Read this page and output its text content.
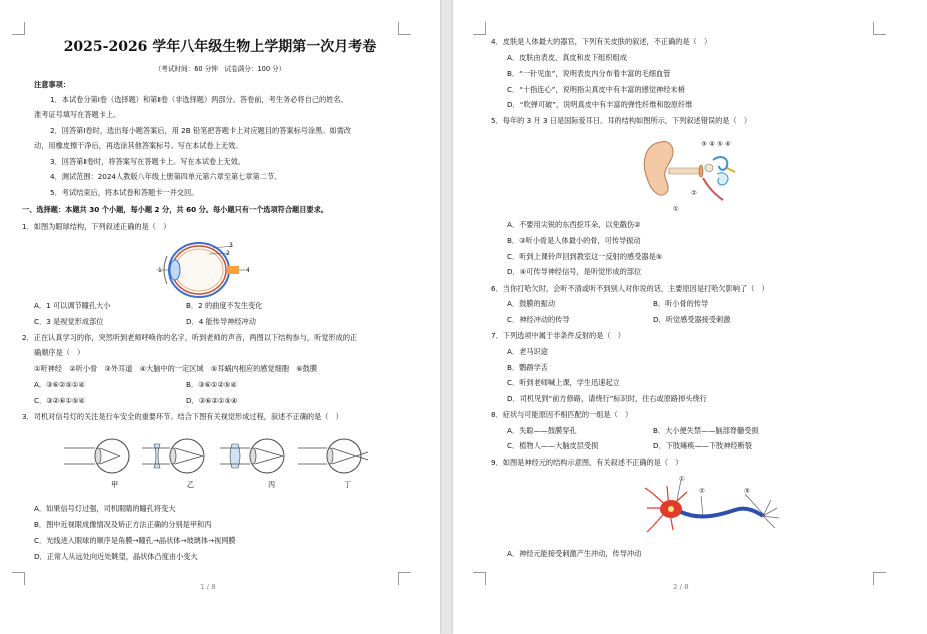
2025-2026 学年八年级生物上学期第一次月考卷
（考试时间：60 分钟　试卷满分：100 分）
注意事项：
1．本试卷分第Ⅰ卷（选择题）和第Ⅱ卷（非选择题）两部分。答卷前，考生务必将自己的姓名、
准考证号填写在答题卡上。
2．回答第Ⅰ卷时，选出每小题答案后，用 2B 铅笔把答题卡上对应题目的答案标号涂黑。如需改
动，用橡皮擦干净后，再选涂其他答案标号。写在本试卷上无效。
3．回答第Ⅱ卷时，将答案写在答题卡上。写在本试卷上无效。
4．测试范围：2024人教版八年级上册第四单元第六章至第七章第二节。
5．考试结束后，将本试卷和答题卡一并交回。
一、选择题：本题共 30 个小题，每小题 2 分，共 60 分。每小题只有一个选项符合题目要求。
1．如图为眼球结构，下列叙述正确的是（　）
1
3
2
4
A．1 可以调节瞳孔大小	B．2 的曲度不发生变化
C．3 是视觉形成部位	D．4 能传导神经冲动
2．正在认真学习的你，突然听到老师呼唤你的名字，听到老师的声音，两图以下结构参与，听觉形成的正
确顺序是（　）
①听神经　②听小骨　③外耳道　④大脑中的一定区域　⑤耳蜗内相应的感觉细胞　⑥鼓膜
A．③⑥②⑤①④	B．③⑥①②⑤④
C．③②⑥①⑤④	D．③⑥②①⑤④
3．司机对信号灯的关注是行车安全的重要环节。结合下图有关视觉形成过程，叙述不正确的是（　）
甲	乙	丙	丁
A．如果信号灯过强，司机眼睛的瞳孔将变大
B．图中近视眼成像情况及矫正方法正确的分别是甲和丙
C．光线进入眼球的顺序是角膜→瞳孔→晶状体→玻璃体→视网膜
D．正常人从远处向近处眺望，晶状体凸度由小变大
1 / 8
4．皮肤是人体最大的器官，下列有关皮肤的叙述，不正确的是（　）
A．皮肤由表皮、真皮和皮下组织组成
B．“一针见血”，说明表皮内分布着丰富的毛细血管
C．“十指连心”，说明指尖真皮中有丰富的感觉神经末梢
D．“吹弹可破”，说明真皮中有丰富的弹性纤维和胶原纤维
5．每年的 3 月 3 日是国际爱耳日。耳的结构如图所示，下列叙述错误的是（　）
①
②
③ ④ ⑤ ⑥
A．不要用尖锐的东西挖耳朵，以免戳伤②
B．③听小骨是人体最小的骨，可传导振动
C．听到上课铃声回到教室这一反射的感受器是⑤
D．④可传导神经信号，是听觉形成的部位
6．当你打哈欠时，会听不清或听不到别人对你说的话，主要原因是打哈欠影响了（　）
A．鼓膜的振动	B．听小骨的传导
C．神经冲动的传导	D．听觉感受器接受刺激
7．下列选项中属于非条件反射的是（　）
A．老马识途
B．鹦鹉学舌
C．听到老师喊上课，学生迅速起立
D．司机见到“前方修路，请绕行”标识时，往右或原路掉头绕行
8．症状与可能原因不相匹配的一组是（　）
A．失聪——鼓膜穿孔	B．大小便失禁——脑部脊髓受损
C．植物人——大脑皮层受损	D．下肢瘫痪——下肢神经断裂
9．如图是神经元的结构示意图，有关叙述不正确的是（　）
①
②	③
A．神经元能接受刺激产生冲动，传导冲动
2 / 8
